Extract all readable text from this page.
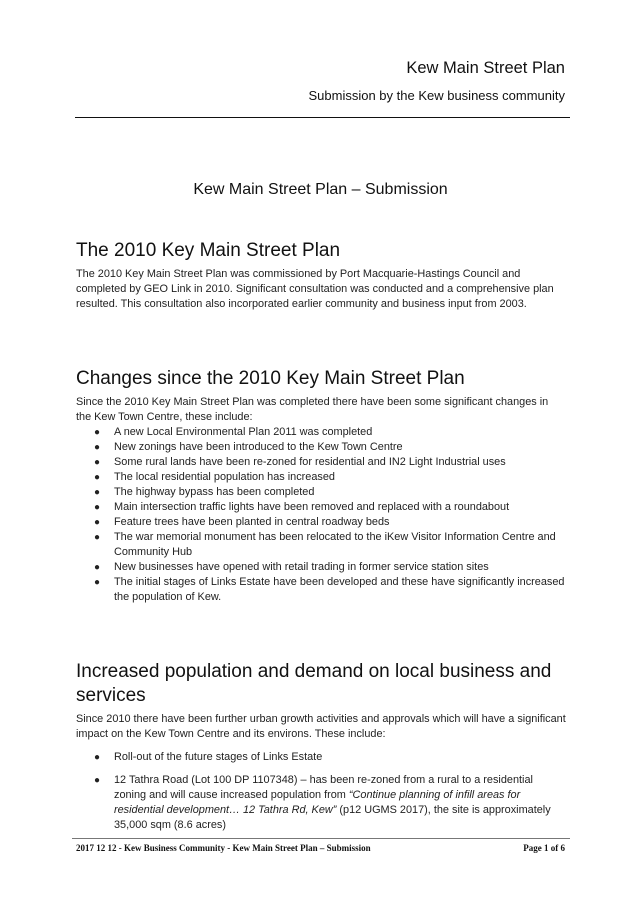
Kew Main Street Plan
Submission by the Kew business community
Kew Main Street Plan – Submission
The 2010 Key Main Street Plan

The 2010 Key Main Street Plan was commissioned by Port Macquarie-Hastings Council and completed by GEO Link in 2010. Significant consultation was conducted and a comprehensive plan resulted. This consultation also incorporated earlier community and business input from 2003.

Changes since the 2010 Key Main Street Plan

Since the 2010 Key Main Street Plan was completed there have been some significant changes in the Kew Town Centre, these include:

● A new Local Environmental Plan 2011 was completed
● New zonings have been introduced to the Kew Town Centre
● Some rural lands have been re-zoned for residential and IN2 Light Industrial uses
● The local residential population has increased
● The highway bypass has been completed
● Main intersection traffic lights have been removed and replaced with a roundabout
● Feature trees have been planted in central roadway beds
● The war memorial monument has been relocated to the iKew Visitor Information Centre and Community Hub
● New businesses have opened with retail trading in former service station sites
● The initial stages of Links Estate have been developed and these have significantly increased the population of Kew.
Increased population and demand on local business and services

Since 2010 there have been further urban growth activities and approvals which will have a significant impact on the Kew Town Centre and its environs. These include:

● Roll-out of the future stages of Links Estate
● 12 Tathra Road (Lot 100 DP 1107348) – has been re-zoned from a rural to a residential zoning and will cause increased population from “Continue planning of infill areas for residential development… 12 Tathra Rd, Kew” (p12 UGMS 2017), the site is approximately 35,000 sqm (8.6 acres)
2017 12 12 - Kew Business Community - Kew Main Street Plan – Submission	Page 1 of 6
